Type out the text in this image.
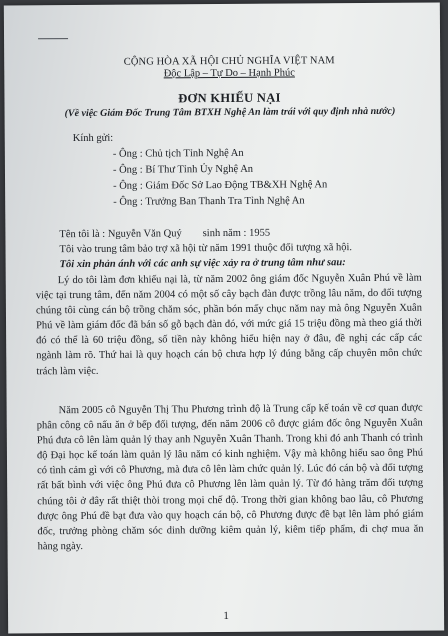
CỘNG HÒA XÃ HỘI CHỦ NGHĨA VIỆT NAM
Độc Lập – Tự Do – Hạnh Phúc
ĐƠN KHIẾU NẠI
(Về việc Giám Đốc Trung Tâm BTXH Nghệ An làm trái với quy định nhà nước)
Kính gửi:
- Ông : Chủ tịch Tỉnh Nghệ An
- Ông : Bí Thư Tỉnh Ủy Nghệ An
- Ông : Giám Đốc Sở Lao Động TB&XH Nghệ An
- Ông : Trưởng Ban Thanh Tra Tỉnh Nghệ An
Tên tôi là : Nguyễn Văn Quý        sinh năm : 1955
Tôi vào trung tâm bảo trợ xã hội từ năm 1991 thuộc đối tượng xã hội.
Tôi xin phản ánh với các anh sự việc xảy ra ở trung tâm như sau:

Lý do tôi làm đơn khiếu nại là, từ năm 2002 ông giám đốc Nguyễn Xuân Phú về làm việc tại trung tâm, đến năm 2004 có một số cây bạch đàn được trồng lâu năm, do đối tượng chúng tôi cùng cán bộ trồng chăm sóc, phần bón mấy chục năm nay mà ông Nguyễn Xuân Phú về làm giám đốc đã bán số gỗ bạch đàn đó, với mức giá 15 triệu đồng mà theo giá thời đó có thể là 60 triệu đồng, số tiền này không hiểu hiện nay ở đâu, đề nghị các cấp các ngành làm rõ. Thứ hai là quy hoạch cán bộ chưa hợp lý đúng bằng cấp chuyên môn chức trách làm việc.

Năm 2005 cô Nguyễn Thị Thu Phương trình độ là Trung cấp kế toán về cơ quan được phân công cô nấu ăn ở bếp đối tượng, đến năm 2006 cô được giám đốc ông Nguyễn Xuân Phú đưa cô lên làm quản lý thay anh Nguyễn Xuân Thanh. Trong khi đó anh Thanh có trình độ Đại học kế toán làm quản lý lâu năm có kinh nghiệm. Vậy mà không hiểu sao ông Phú có tình cảm gì với cô Phương, mà đưa cô lên làm chức quản lý. Lúc đó cán bộ và đối tượng rất bất bình với việc ông Phú đưa cô Phương lên làm quản lý. Từ đó hàng trăm đối tượng chúng tôi ở đây rất thiệt thòi trong mọi chế độ. Trong thời gian không bao lâu, cô Phương được ông Phú đề bạt đưa vào quy hoạch cán bộ, cô Phương được đề bạt lên làm phó giám đốc, trưởng phòng chăm sóc dinh dưỡng kiêm quản lý, kiêm tiếp phẩm, đi chợ mua ăn hàng ngày.

1
